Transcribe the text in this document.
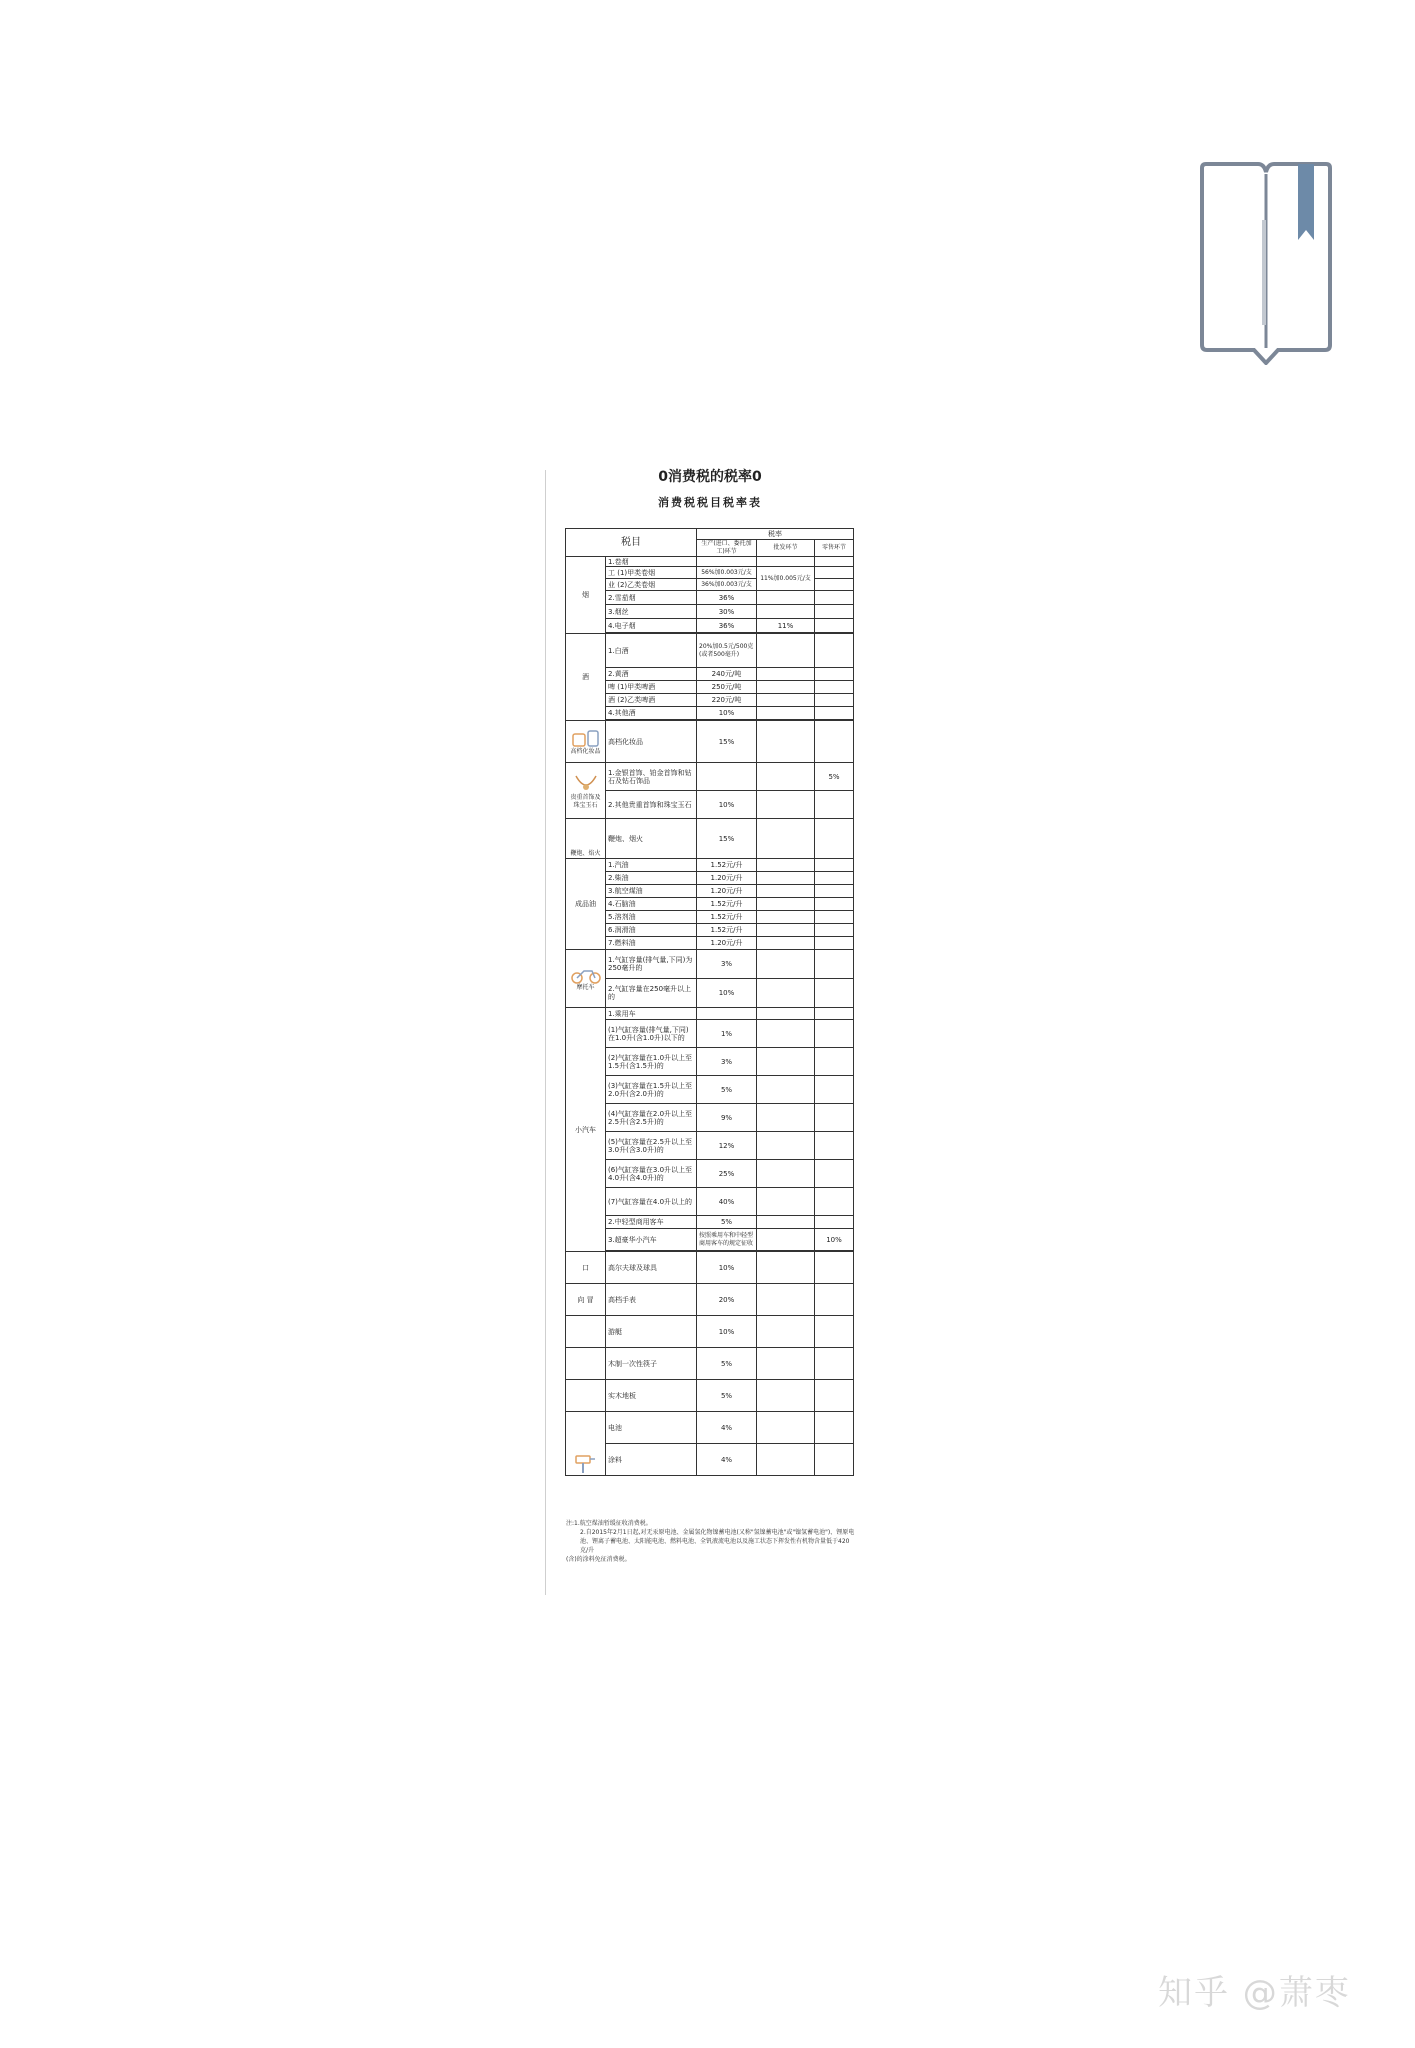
0消费税的税率0
消费税税目税率表
税目		税率		
		生产(进口、委托加工)环节	批发环节	零售环节
烟	1.卷烟			
	工 (1)甲类卷烟	56%加0.003元/支	11%加0.005元/支	
	业 (2)乙类卷烟	36%加0.003元/支		
	2.雪茄烟	36%		
	3.烟丝	30%		
	4.电子烟	36%	11%	

酒	1.白酒	20%加0.5元/500克(或者500毫升)		
	2.黄酒	240元/吨		
	啤 (1)甲类啤酒	250元/吨		
	酒 (2)乙类啤酒	220元/吨		
	4.其他酒	10%		

高档化妆品	高档化妆品	15%		

贵重首饰及珠宝玉石	1.金银首饰、铂金首饰和钻石及钻石饰品			5%
	2.其他贵重首饰和珠宝玉石	10%		
鞭炮、焰火	鞭炮、烟火	15%		
成品油	1.汽油	1.52元/升		
	2.柴油	1.20元/升		
	3.航空煤油	1.20元/升		
	4.石脑油	1.52元/升		
	5.溶剂油	1.52元/升		
	6.润滑油	1.52元/升		
	7.燃料油	1.20元/升		

摩托车	1.气缸容量(排气量,下同)为250毫升的	3%		
	2.气缸容量在250毫升以上的	10%		
小汽车	1.乘用车			
	(1)气缸容量(排气量,下同)在1.0升(含1.0升)以下的	1%		
	(2)气缸容量在1.0升以上至1.5升(含1.5升)的	3%		
	(3)气缸容量在1.5升以上至2.0升(含2.0升)的	5%		
	(4)气缸容量在2.0升以上至2.5升(含2.5升)的	9%		
	(5)气缸容量在2.5升以上至3.0升(含3.0升)的	12%		
	(6)气缸容量在3.0升以上至4.0升(含4.0升)的	25%		
	(7)气缸容量在4.0升以上的	40%		
	2.中轻型商用客车	5%		
	3.超豪华小汽车	按照乘用车和中轻型商用客车的规定征收		10%

口	高尔夫球及球具	10%		
向 冒	高档手表	20%		
	游艇	10%		
	木制一次性筷子	5%		
	实木地板	5%		
	电池	4%		
	涂料	4%		
注:1.航空煤油暂缓征收消费税。
2.自2015年2月1日起,对无汞原电池、金属氢化物镍蓄电池(又称"氢镍蓄电池"或"镍氢蓄电池")、锂原电池、锂离子蓄电池、太阳能电池、燃料电池、全钒液流电池以及施工状态下挥发性有机物含量低于420克/升
(含)的涂料免征消费税。
知乎 @萧枣
